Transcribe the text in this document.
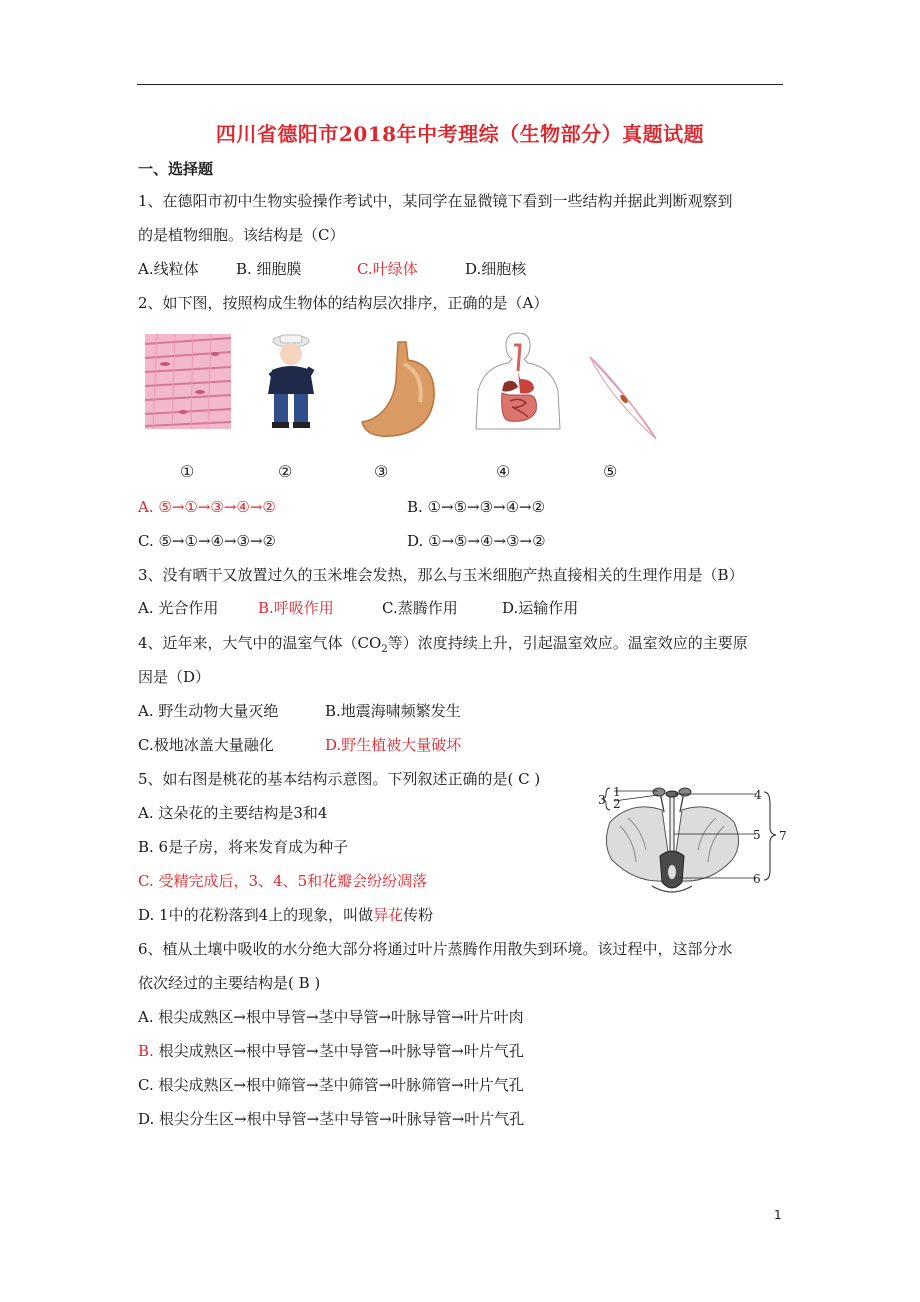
四川省德阳市2018年中考理综（生物部分）真题试题
一、选择题
1、在德阳市初中生物实验操作考试中，某同学在显微镜下看到一些结构并据此判断观察到
的是植物细胞。该结构是（C）
A.线粒体 B. 细胞膜	C.叶绿体	D.细胞核
2、如下图，按照构成生物体的结构层次排序，正确的是（A）
①	②	③	④	⑤
A. ⑤→①→③→④→②	B. ①→⑤→③→④→②
C. ⑤→①→④→③→②	D. ①→⑤→④→③→②
3、没有晒干又放置过久的玉米堆会发热，那么与玉米细胞产热直接相关的生理作用是（B）
A. 光合作用	B.呼吸作用	C.蒸腾作用	D.运输作用
4、近年来，大气中的温室气体（$CO_2$等）浓度持续上升，引起温室效应。温室效应的主要原
因是（D）
A. 野生动物大量灭绝	B.地震海啸频繁发生
C.极地冰盖大量融化	D.野生植被大量破坏
5、如右图是桃花的基本结构示意图。下列叙述正确的是( C )
A. 这朵花的主要结构是3和4
B. 6是子房，将来发育成为种子
C. 受精完成后，3、4、5和花瓣会纷纷凋落
D. 1中的花粉落到4上的现象，叫做异花传粉
1
2
3	4
5
6
7
6、植从土壤中吸收的水分绝大部分将通过叶片蒸腾作用散失到环境。该过程中，这部分水
依次经过的主要结构是( B )
A. 根尖成熟区→根中导管→茎中导管→叶脉导管→叶片叶肉
B. 根尖成熟区→根中导管→茎中导管→叶脉导管→叶片气孔
C. 根尖成熟区→根中筛管→茎中筛管→叶脉筛管→叶片气孔
D. 根尖分生区→根中导管→茎中导管→叶脉导管→叶片气孔
1
